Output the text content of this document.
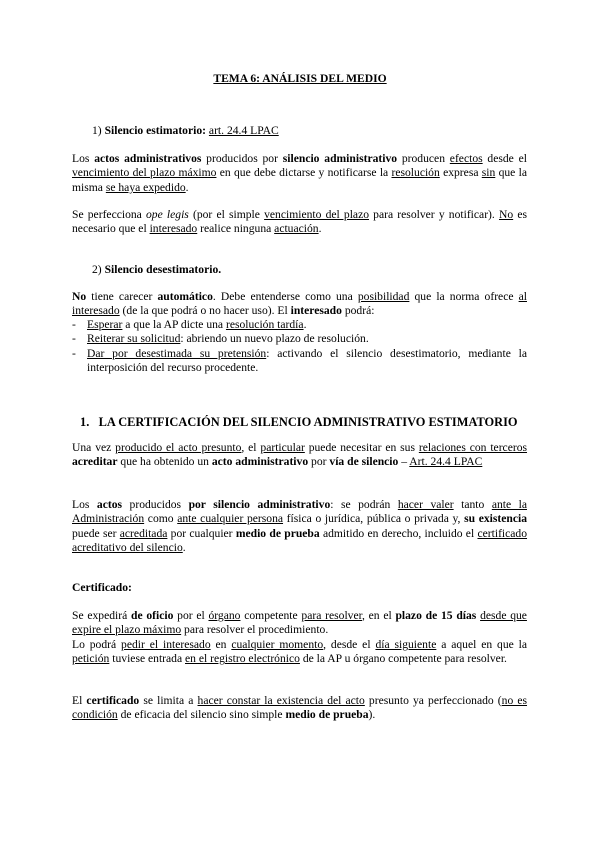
TEMA 6: ANÁLISIS DEL MEDIO

1) Silencio estimatorio: art. 24.4 LPAC

Los actos administrativos producidos por silencio administrativo producen efectos desde el vencimiento del plazo máximo en que debe dictarse y notificarse la resolución expresa sin que la misma se haya expedido.

Se perfecciona ope legis (por el simple vencimiento del plazo para resolver y notificar). No es necesario que el interesado realice ninguna actuación.

2) Silencio desestimatorio.

No tiene carecer automático. Debe entenderse como una posibilidad que la norma ofrece al interesado (de la que podrá o no hacer uso). El interesado podrá:

- Esperar a que la AP dicte una resolución tardía.
- Reiterar su solicitud: abriendo un nuevo plazo de resolución.
- Dar por desestimada su pretensión: activando el silencio desestimatorio, mediante la interposición del recurso procedente.

1. LA CERTIFICACIÓN DEL SILENCIO ADMINISTRATIVO ESTIMATORIO

Una vez producido el acto presunto, el particular puede necesitar en sus relaciones con terceros acreditar que ha obtenido un acto administrativo por vía de silencio – Art. 24.4 LPAC

Los actos producidos por silencio administrativo: se podrán hacer valer tanto ante la Administración como ante cualquier persona física o jurídica, pública o privada y, su existencia puede ser acreditada por cualquier medio de prueba admitido en derecho, incluido el certificado acreditativo del silencio.

Certificado:

Se expedirá de oficio por el órgano competente para resolver, en el plazo de 15 días desde que expire el plazo máximo para resolver el procedimiento.

Lo podrá pedir el interesado en cualquier momento, desde el día siguiente a aquel en que la petición tuviese entrada en el registro electrónico de la AP u órgano competente para resolver.

El certificado se limita a hacer constar la existencia del acto presunto ya perfeccionado (no es condición de eficacia del silencio sino simple medio de prueba).
